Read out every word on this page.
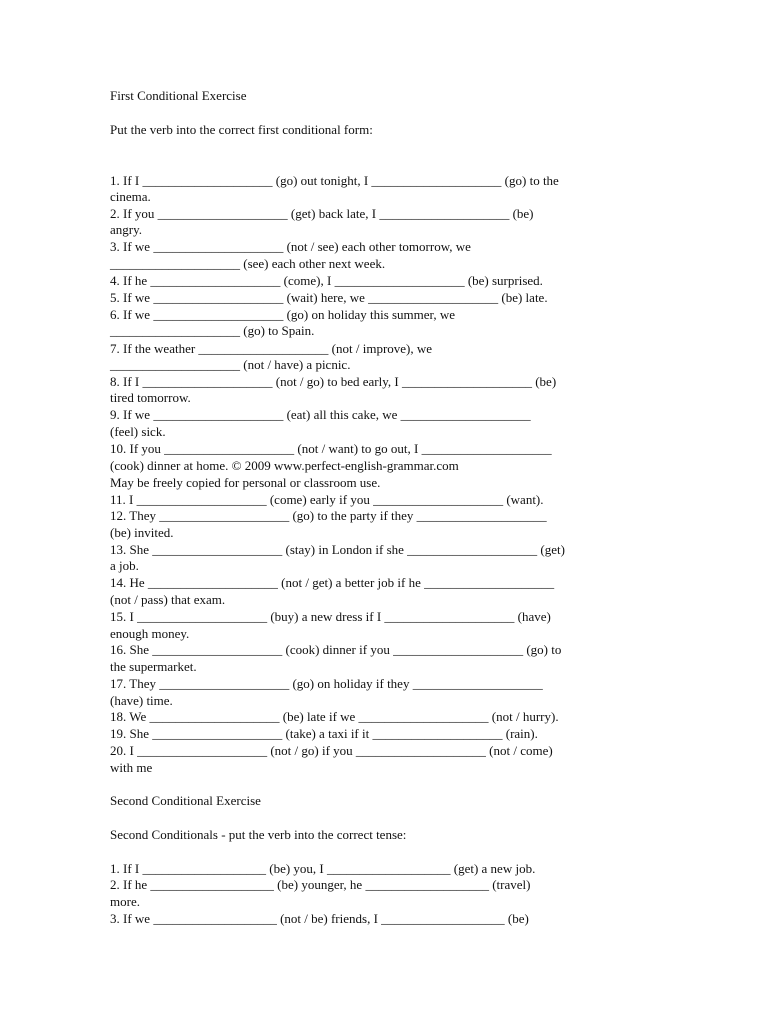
First Conditional Exercise
Put the verb into the correct first conditional form:
1. If I ____________________ (go) out tonight, I ____________________ (go) to the
cinema.
2. If you ____________________ (get) back late, I ____________________ (be)
angry.
3. If we ____________________ (not / see) each other tomorrow, we
____________________ (see) each other next week.
4. If he ____________________ (come), I ____________________ (be) surprised.
5. If we ____________________ (wait) here, we ____________________ (be) late.
6. If we ____________________ (go) on holiday this summer, we
____________________ (go) to Spain.
7. If the weather ____________________ (not / improve), we
____________________ (not / have) a picnic.
8. If I ____________________ (not / go) to bed early, I ____________________ (be)
tired tomorrow.
9. If we ____________________ (eat) all this cake, we ____________________
(feel) sick.
10. If you ____________________ (not / want) to go out, I ____________________
(cook) dinner at home. © 2009 www.perfect-english-grammar.com
May be freely copied for personal or classroom use.
11. I ____________________ (come) early if you ____________________ (want).
12. They ____________________ (go) to the party if they ____________________
(be) invited.
13. She ____________________ (stay) in London if she ____________________ (get)
a job.
14. He ____________________ (not / get) a better job if he ____________________
(not / pass) that exam.
15. I ____________________ (buy) a new dress if I ____________________ (have)
enough money.
16. She ____________________ (cook) dinner if you ____________________ (go) to
the supermarket.
17. They ____________________ (go) on holiday if they ____________________
(have) time.
18. We ____________________ (be) late if we ____________________ (not / hurry).
19. She ____________________ (take) a taxi if it ____________________ (rain).
20. I ____________________ (not / go) if you ____________________ (not / come)
with me
Second Conditional Exercise
Second Conditionals - put the verb into the correct tense:
1. If I ___________________ (be) you, I ___________________ (get) a new job.
2. If he ___________________ (be) younger, he ___________________ (travel)
more.
3. If we ___________________ (not / be) friends, I ___________________ (be)
